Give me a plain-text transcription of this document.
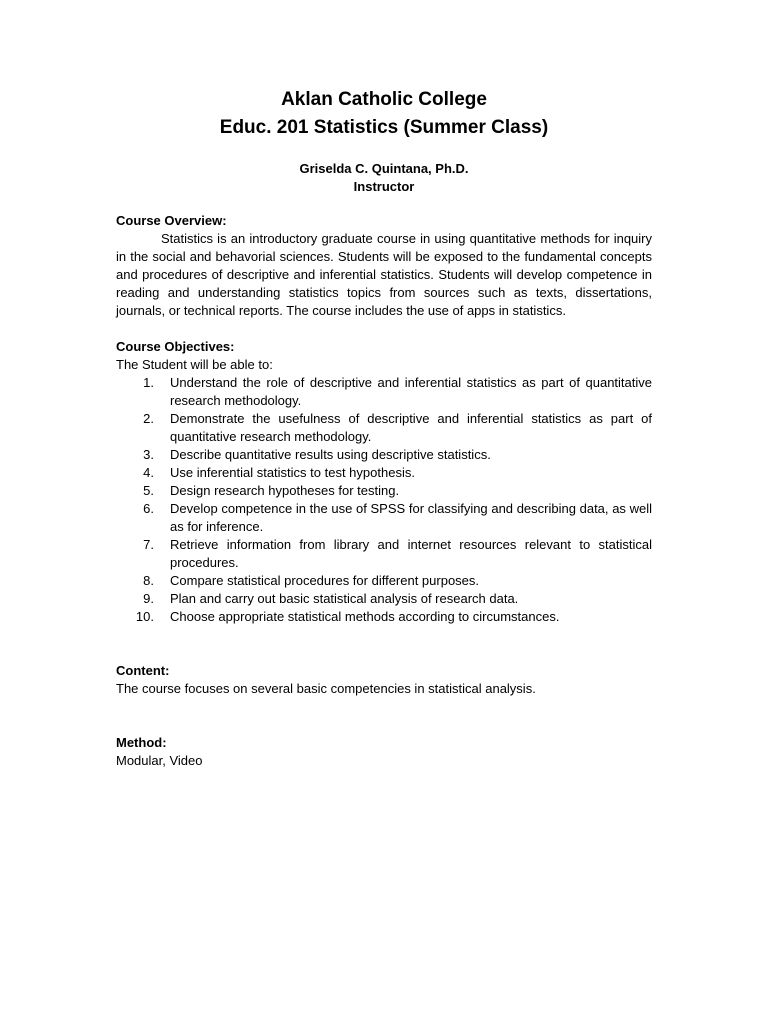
Aklan Catholic College
Educ. 201 Statistics (Summer Class)
Griselda C. Quintana, Ph.D.
Instructor

Course Overview:

Statistics is an introductory graduate course in using quantitative methods for inquiry in the social and behavorial sciences. Students will be exposed to the fundamental concepts and procedures of descriptive and inferential statistics. Students will develop competence in reading and understanding statistics topics from sources such as texts, dissertations, journals, or technical reports. The course includes the use of apps in statistics.

Course Objectives:

The Student will be able to:

1. Understand the role of descriptive and inferential statistics as part of quantitative research methodology.
2. Demonstrate the usefulness of descriptive and inferential statistics as part of quantitative research methodology.
3. Describe quantitative results using descriptive statistics.
4. Use inferential statistics to test hypothesis.
5. Design research hypotheses for testing.
6. Develop competence in the use of SPSS for classifying and describing data, as well as for inference.
7. Retrieve information from library and internet resources relevant to statistical procedures.
8. Compare statistical procedures for different purposes.
9. Plan and carry out basic statistical analysis of research data.
10. Choose appropriate statistical methods according to circumstances.

Content:

The course focuses on several basic competencies in statistical analysis.

Method:

Modular, Video
